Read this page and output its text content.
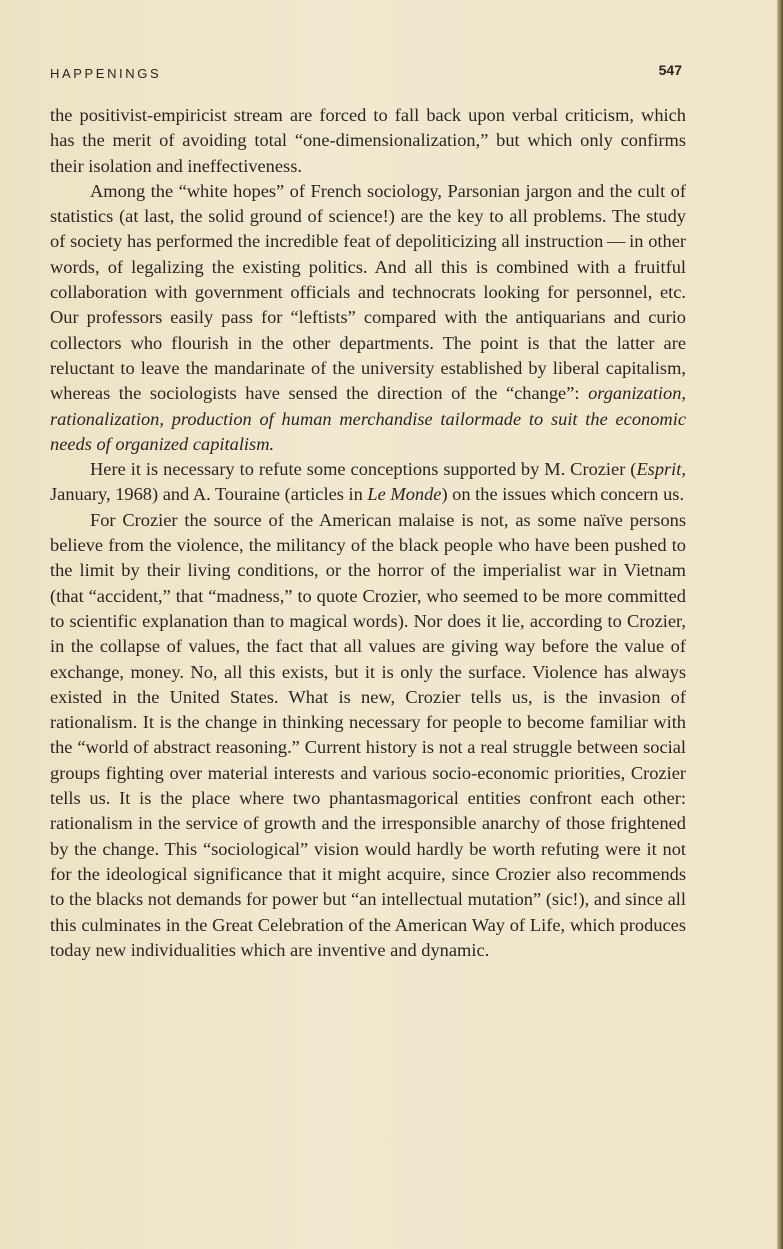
HAPPENINGS	547

the positivist-empiricist stream are forced to fall back upon verbal criticism, which has the merit of avoiding total “one-dimensionalization,” but which only confirms their isolation and ineffectiveness.

Among the “white hopes” of French sociology, Parsonian jargon and the cult of statistics (at last, the solid ground of science!) are the key to all problems. The study of society has performed the incredible feat of depoliticizing all instruction — in other words, of legalizing the existing politics. And all this is combined with a fruitful collaboration with government officials and technocrats looking for personnel, etc. Our professors easily pass for “leftists” compared with the antiquarians and curio collectors who flourish in the other departments. The point is that the latter are reluctant to leave the mandarinate of the university established by liberal capitalism, whereas the sociologists have sensed the direction of the “change”: organization, rationalization, production of human merchandise tailormade to suit the economic needs of organized capitalism.

Here it is necessary to refute some conceptions supported by M. Crozier (Esprit, January, 1968) and A. Touraine (articles in Le Monde) on the issues which concern us.

For Crozier the source of the American malaise is not, as some naïve persons believe from the violence, the militancy of the black people who have been pushed to the limit by their living conditions, or the horror of the imperialist war in Vietnam (that “accident,” that “madness,” to quote Crozier, who seemed to be more committed to scientific explanation than to magical words). Nor does it lie, according to Crozier, in the collapse of values, the fact that all values are giving way before the value of exchange, money. No, all this exists, but it is only the surface. Violence has always existed in the United States. What is new, Crozier tells us, is the invasion of rationalism. It is the change in thinking necessary for people to become familiar with the “world of abstract reasoning.” Current history is not a real struggle between social groups fighting over material interests and various socio-economic priorities, Crozier tells us. It is the place where two phantasmagorical entities confront each other: rationalism in the service of growth and the irresponsible anarchy of those frightened by the change. This “sociological” vision would hardly be worth refuting were it not for the ideological significance that it might acquire, since Crozier also recommends to the blacks not demands for power but “an intellectual mutation” (sic!), and since all this culminates in the Great Celebration of the American Way of Life, which produces today new individualities which are inventive and dynamic.
